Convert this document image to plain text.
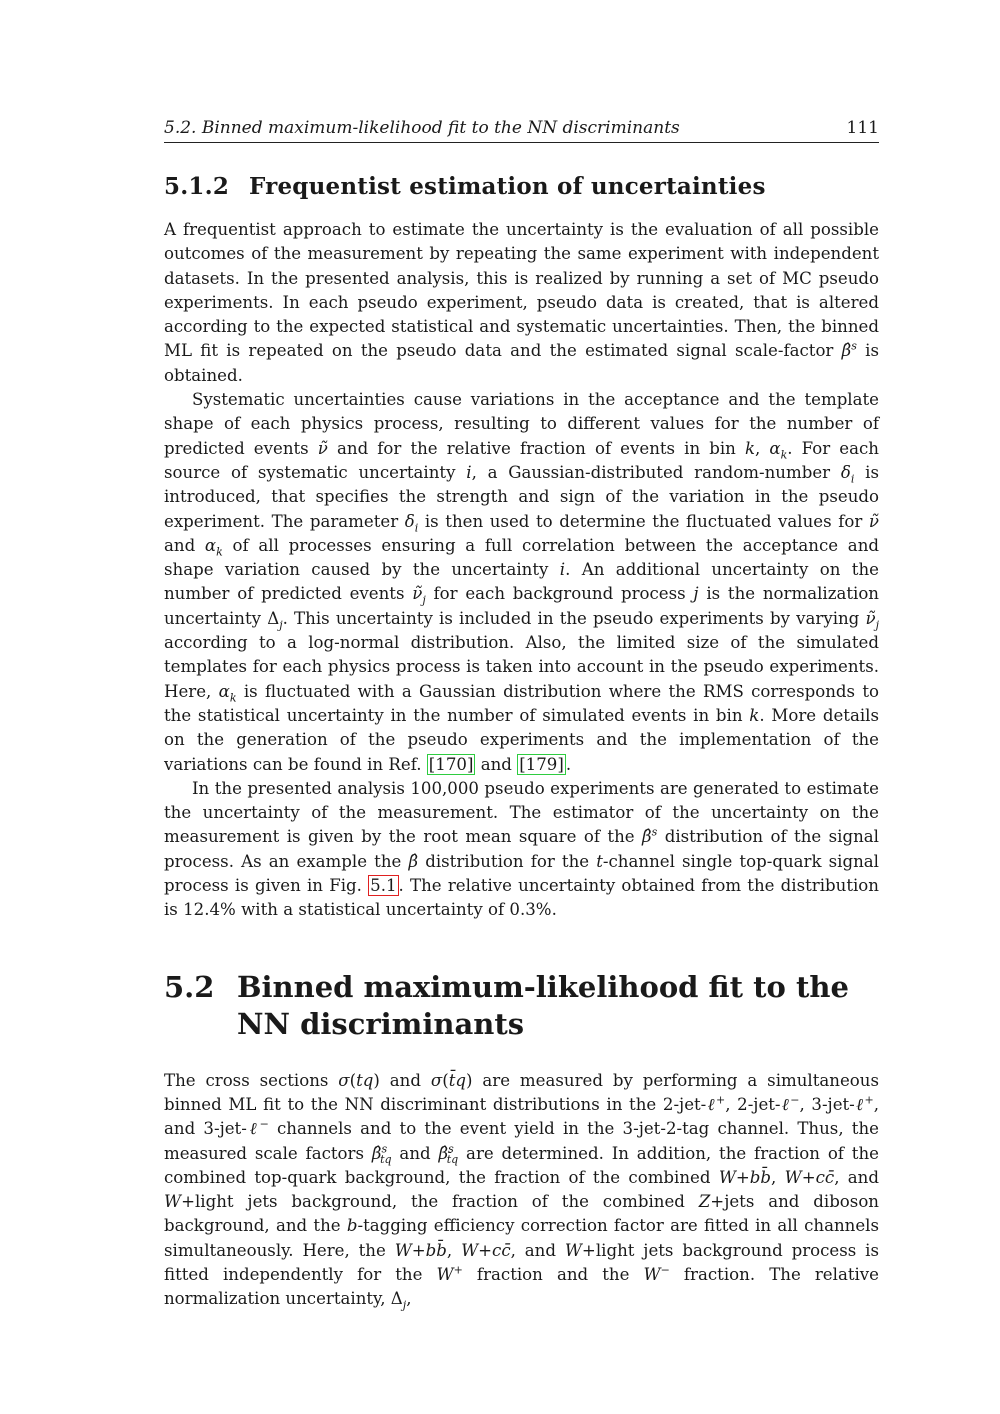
5.2. Binned maximum-likelihood fit to the NN discriminants	111
5.1.2 Frequentist estimation of uncertainties

A frequentist approach to estimate the uncertainty is the evaluation of all possible outcomes of the measurement by repeating the same experiment with independent datasets. In the presented analysis, this is realized by running a set of MC pseudo experiments. In each pseudo experiment, pseudo data is created, that is altered according to the expected statistical and systematic uncertainties. Then, the binned ML fit is repeated on the pseudo data and the estimated signal scale-factor β̂$^s$ is obtained.

Systematic uncertainties cause variations in the acceptance and the template shape of each physics process, resulting to different values for the number of predicted events ν̃ and for the relative fraction of events in bin k, $\alpha_k$. For each source of systematic uncertainty i, a Gaussian-distributed random-number $\delta_i$ is introduced, that specifies the strength and sign of the variation in the pseudo experiment. The parameter $\delta_i$ is then used to determine the fluctuated values for ν̃ and $\alpha_k$ of all processes ensuring a full correlation between the acceptance and shape variation caused by the uncertainty i. An additional uncertainty on the number of predicted events $\nũ_j$ for each background process j is the normalization uncertainty $\Delta_j$. This uncertainty is included in the pseudo experiments by varying $\nũ_j$ according to a log-normal distribution. Also, the limited size of the simulated templates for each physics process is taken into account in the pseudo experiments. Here, $\alpha_k$ is fluctuated with a Gaussian distribution where the RMS corresponds to the statistical uncertainty in the number of simulated events in bin k. More details on the generation of the pseudo experiments and the implementation of the variations can be found in Ref. [170] and [179] .

In the presented analysis 100,000 pseudo experiments are generated to estimate the uncertainty of the measurement. The estimator of the uncertainty on the measurement is given by the root mean square of the β̂$^s$ distribution of the signal process. As an example the β̂ distribution for the t-channel single top-quark signal process is given in Fig. 5.1 . The relative uncertainty obtained from the distribution is 12.4% with a statistical uncertainty of 0.3%.

5.2 Binned maximum-likelihood fit to the NN discriminants

The cross sections σ(tq) and σ(t̄q) are measured by performing a simultaneous binned ML fit to the NN discriminant distributions in the 2-jet-ℓ+, 2-jet-ℓ−, 3-jet-ℓ+, and 3-jet-ℓ− channels and to the event yield in the 3-jet-2-tag channel. Thus, the measured scale factors β̂$^s_{tq}$ and β̂$^s_{t̄q}$ are determined. In addition, the fraction of the combined top-quark background, the fraction of the combined W+bb̄, W+cc̄, and W+light jets background, the fraction of the combined Z+jets and diboson background, and the b-tagging efficiency correction factor are fitted in all channels simultaneously. Here, the W+bb̄, W+cc̄, and W+light jets background process is fitted independently for the W+ fraction and the W− fraction. The relative normalization uncertainty, $\Delta_j$,
